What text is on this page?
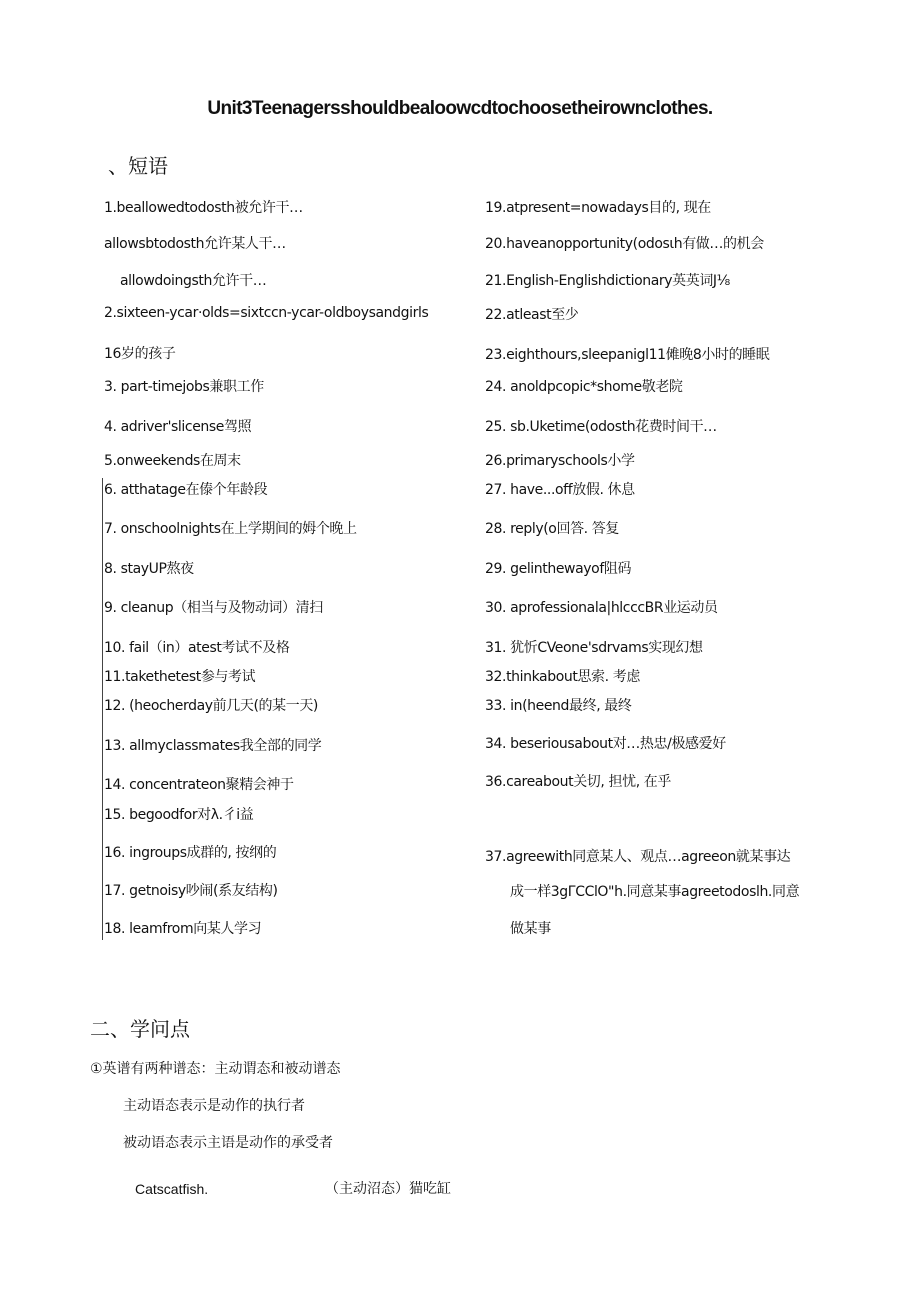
Unit3Teenagersshouldbealoowcdtochoosetheirownclothes.
、短语
1.beallowedtodosth被允许干…
allowsbtodosth允许某人干…
allowdoingsth允许干…
2.sixteen-ycar·olds=sixtccn-ycar-oldboysandgirls
16岁的孩子
3. part-timejobs兼职工作
4. adriver'slicense驾照
5.onweekends在周末
6. atthatage在傣个年龄段
7. onschoolnights在上学期间的姆个晚上
8. stayUP熬夜
9. cleanup（相当与及物动词）清扫
10. fail（in）atest考试不及格
11.takethetest参与考试
12. (heocherday前几天(的某一天)
13. allmyclassmates我全部的同学
14. concentrateon聚精会神于
15. begoodfor对λ.彳i益
16. ingroups成群的, 按纲的
17. getnoisy吵闹(系友结构)
18. leamfrom向某人学习
19.atpresent=nowadays目的, 现在
20.haveanopportunity(odosιh有做…的机会
21.English-Englishdictionary英英词J⅛
22.atleast至少
23.eighthours,sleepanigl11傩晚8小时的睡眠
24. anoldpcopic*shome敬老院
25. sb.Uketime(odosth花费时间干…
26.primaryschools小学
27. have...off放假. 休息
28. reply(o回答. 答复
29. gelinthewayof阻码
30. aprofessionala|hlcccBR业运动员
31. 犹忻CVeone'sdrvams实现幻想
32.thinkabout思索. 考虑
33. in(heend最终, 最终
34. beseriousabout对…热忠/极感爱好
36.careabout关切, 担忧, 在乎
37.agreewith同意某人、观点…agreeon就某事达
成一样3gΓCClO"h.同意某事agreetodoslh.同意
做某事
二、学问点
①英谱有两种谱态：主动谓态和被动谱态
主动语态表示是动作的执行者
被动语态表示主语是动作的承受者
Catscatfish.	（主动沼态）猫吃缸
